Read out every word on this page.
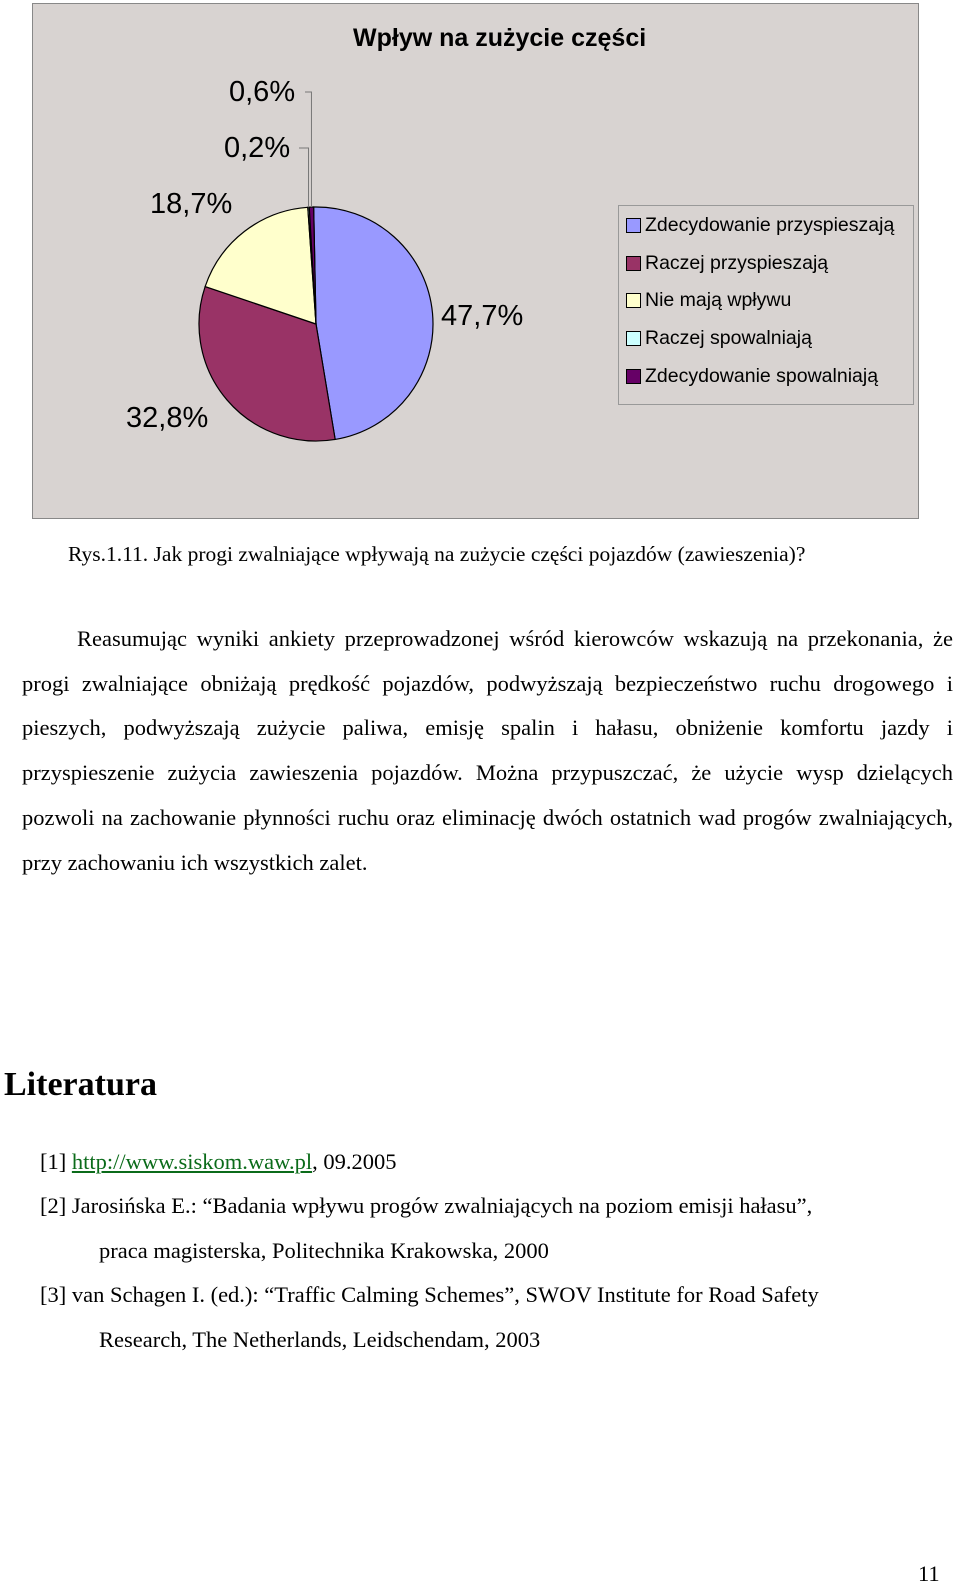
Wpływ na zużycie części
0,6%
0,2%
18,7%
47,7%
32,8%
Zdecydowanie przyspieszają
Raczej przyspieszają
Nie mają wpływu
Raczej spowalniają
Zdecydowanie spowalniają
Rys.1.11. Jak progi zwalniające wpływają na zużycie części pojazdów (zawieszenia)?

Reasumując wyniki ankiety przeprowadzonej wśród kierowców wskazują na przekonania, że progi zwalniające obniżają prędkość pojazdów, podwyższają bezpieczeństwo ruchu drogowego i pieszych, podwyższają zużycie paliwa, emisję spalin i hałasu, obniżenie komfortu jazdy i przyspieszenie zużycia zawieszenia pojazdów. Można przypuszczać, że użycie wysp dzielących pozwoli na zachowanie płynności ruchu oraz eliminację dwóch ostatnich wad progów zwalniających, przy zachowaniu ich wszystkich zalet.

Literatura
[1] http://www.siskom.waw.pl, 09.2005
[2] Jarosińska E.: “Badania wpływu progów zwalniających na poziom emisji hałasu”,
praca magisterska, Politechnika Krakowska, 2000
[3] van Schagen I. (ed.): “Traffic Calming Schemes”, SWOV Institute for Road Safety
Research, The Netherlands, Leidschendam, 2003
11
